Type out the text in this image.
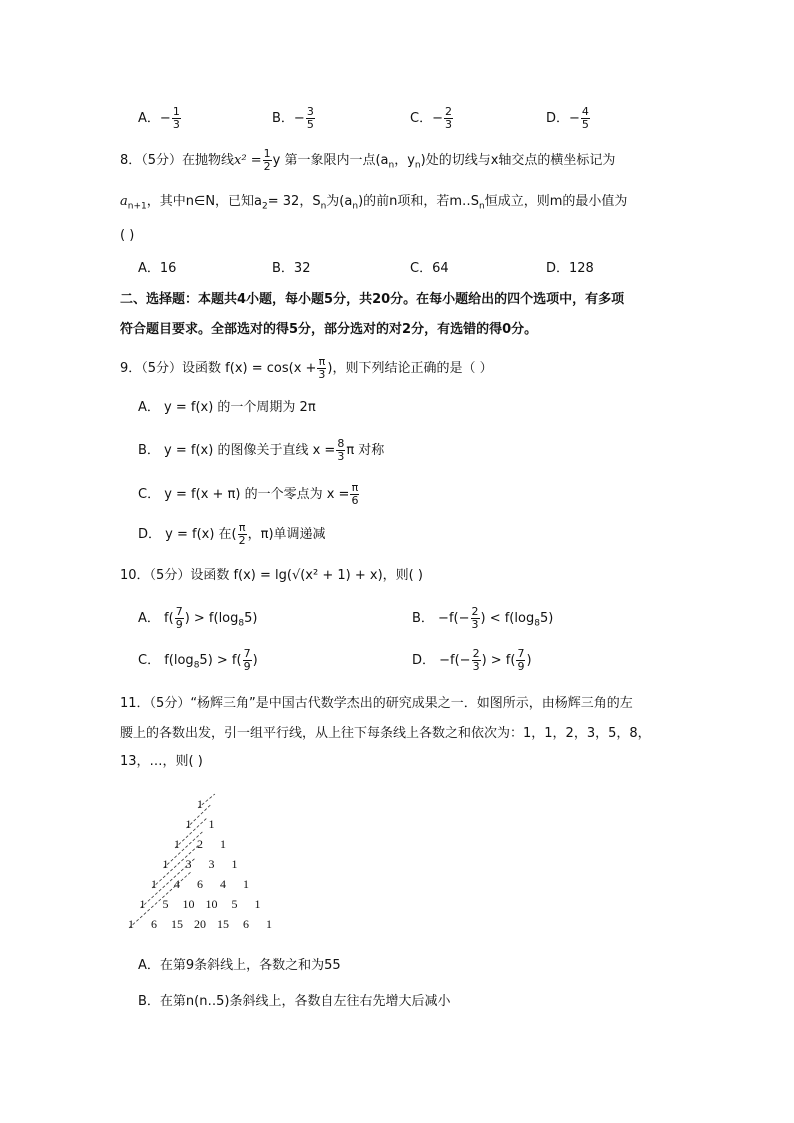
A．− $\frac{1}{3}$	B．− $\frac{3}{5}$	C．− $\frac{2}{3}$	D．− $\frac{4}{5}$
8．（5分）在抛物线$x^2 = \frac{1}{2}$ y 第一象限内一点($a_n$，$y_n$)处的切线与x轴交点的横坐标记为
$a_{n+1}$，其中n∈N，已知$a_2= 32$，$S_n$为$(a_n)$的前n项和，若$m‥S_n$恒成立，则m的最小值为
( )
A．16	B．32	C．64	D．128
二、选择题：本题共4小题，每小题5分，共20分。在每小题给出的四个选项中，有多项
符合题目要求。全部选对的得5分，部分选对的对2分，有选错的得0分。
9．（5分）设函数 $f(x) = \cos(x + \frac{\pi}{3}$ )，则下列结论正确的是（ ）
A． y = f(x) 的一个周期为 2π
B． y = f(x) 的图像关于直线 $x = \frac{8}{3}$ π 对称
C． y = f(x + π) 的一个零点为 $x = \frac{\pi}{6}$
D． y = f(x) 在( $\frac{\pi}{2}$ ，π)单调递减
10．（5分）设函数 f(x) = lg(√(x² + 1) + x)，则( )
A． $f( \frac{7}{9}$ ) > $f(\log_85)$	B． $-f(- \frac{2}{3}$ ) < $f(\log_85)$
C． $f(\log_85) > f( \frac{7}{9}$ )	D． $-f(- \frac{2}{3}$ ) > $f( \frac{7}{9}$ )
11．（5分）“杨辉三角”是中国古代数学杰出的研究成果之一．如图所示，由杨辉三角的左
腰上的各数出发，引一组平行线，从上往下每条线上各数之和依次为：1，1，2，3，5，8，
13，…，则( )
1
1 1
1 2 1
1 3 3 1
1 4 6 4 1
1 5 10 10 5 1
1 6 15 20 15 6 1
A．在第9条斜线上，各数之和为55
B．在第n(n‥5)条斜线上，各数自左往右先增大后减小
